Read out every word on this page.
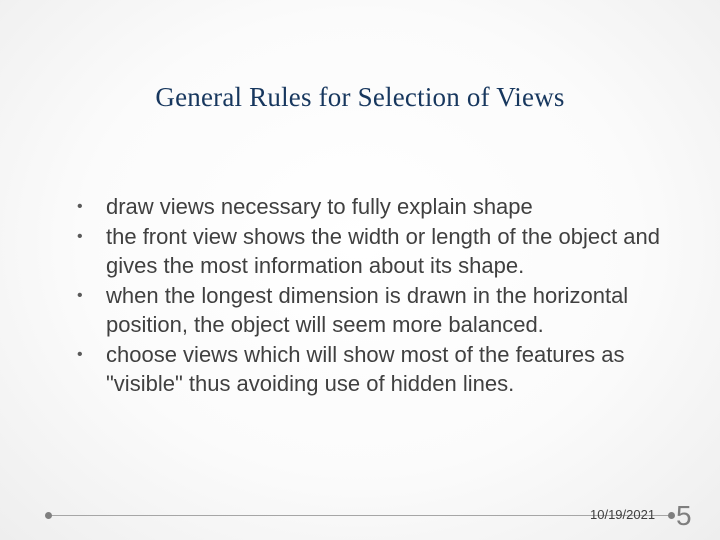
General Rules for Selection of Views
• draw views necessary to fully explain shape
• the front view shows the width or length of the object and gives the most information about its shape.
• when the longest dimension is drawn in the horizontal position, the object will seem more balanced.
• choose views which will show most of the features as "visible" thus avoiding use of hidden lines.
10/19/2021 5
